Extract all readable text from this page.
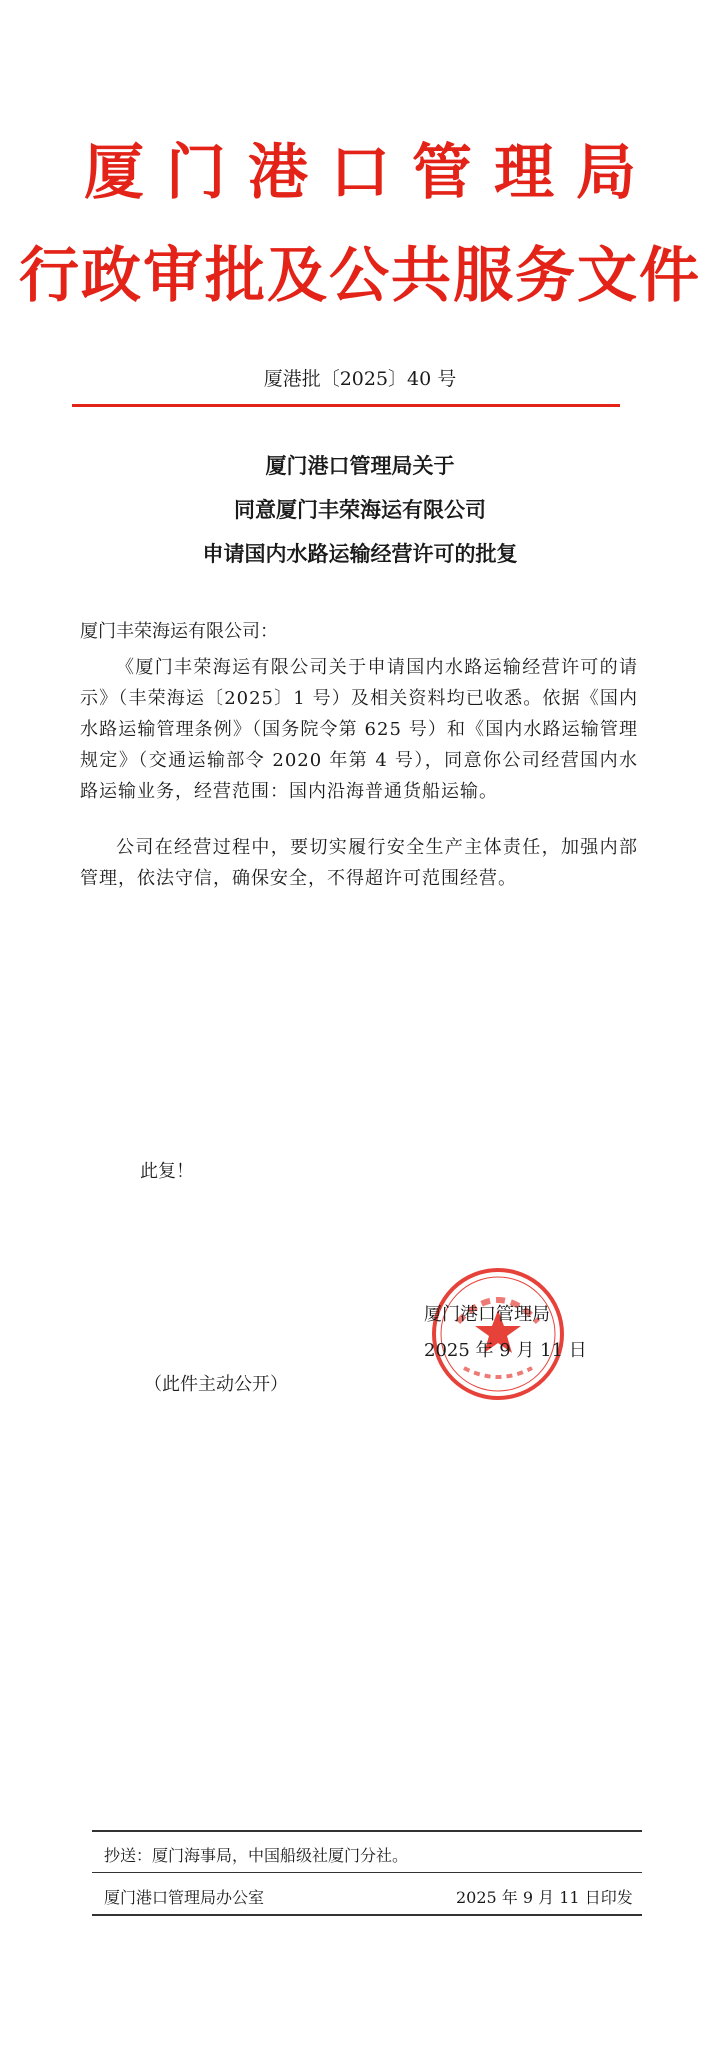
厦门港口管理局
行政审批及公共服务文件
厦港批〔2025〕40 号
厦门港口管理局关于
同意厦门丰荣海运有限公司
申请国内水路运输经营许可的批复
厦门丰荣海运有限公司：
《厦门丰荣海运有限公司关于申请国内水路运输经营许可的请示》（丰荣海运〔2025〕1 号）及相关资料均已收悉。依据《国内水路运输管理条例》（国务院令第 625 号）和《国内水路运输管理规定》（交通运输部令 2020 年第 4 号），同意你公司经营国内水路运输业务，经营范围：国内沿海普通货船运输。
公司在经营过程中，要切实履行安全生产主体责任，加强内部管理，依法守信，确保安全，不得超许可范围经营。
此复！
厦门港口管理局
2025 年 9 月 11 日
（此件主动公开）
抄送：厦门海事局，中国船级社厦门分社。
厦门港口管理局办公室	2025 年 9 月 11 日印发
